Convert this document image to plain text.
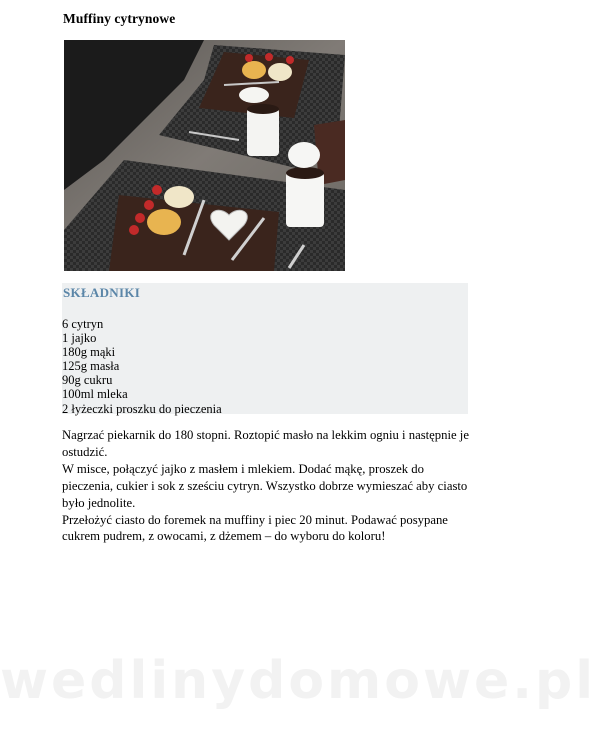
Muffiny cytrynowe
SKŁADNIKI
6 cytryn
1 jajko
180g mąki
125g masła
90g cukru
100ml mleka
2 łyżeczki proszku do pieczenia

Nagrzać piekarnik do 180 stopni. Roztopić masło na lekkim ogniu i następnie je ostudzić.

W misce, połączyć jajko z masłem i mlekiem. Dodać mąkę, proszek do pieczenia, cukier i sok z sześciu cytryn. Wszystko dobrze wymieszać aby ciasto było jednolite.

Przełożyć ciasto do foremek na muffiny i piec 20 minut. Podawać posypane cukrem pudrem, z owocami, z dżemem – do wyboru do koloru!

wedlinydomowe.pl
